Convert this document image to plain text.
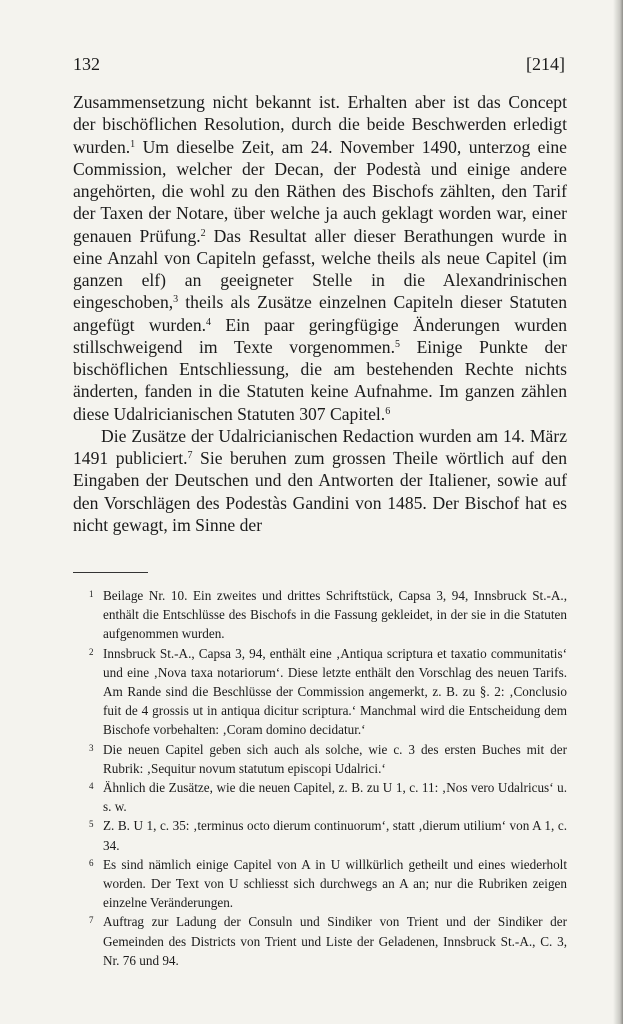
132	[214]

Zusammensetzung nicht bekannt ist. Erhalten aber ist das Concept der bischöflichen Resolution, durch die beide Beschwerden erledigt wurden.$^1$ Um dieselbe Zeit, am 24. November 1490, unterzog eine Commission, welcher der Decan, der Podestà und einige andere angehörten, die wohl zu den Räthen des Bischofs zählten, den Tarif der Taxen der Notare, über welche ja auch geklagt worden war, einer genauen Prüfung.$^2$ Das Resultat aller dieser Berathungen wurde in eine Anzahl von Capiteln gefasst, welche theils als neue Capitel (im ganzen elf) an geeigneter Stelle in die Alexandrinischen eingeschoben,$^3$ theils als Zusätze einzelnen Capiteln dieser Statuten angefügt wurden.$^4$ Ein paar geringfügige Änderungen wurden stillschweigend im Texte vorgenommen.$^5$ Einige Punkte der bischöflichen Entschliessung, die am bestehenden Rechte nichts änderten, fanden in die Statuten keine Aufnahme. Im ganzen zählen diese Udalricianischen Statuten 307 Capitel.$^6$

Die Zusätze der Udalricianischen Redaction wurden am 14. März 1491 publiciert.$^7$ Sie beruhen zum grossen Theile wörtlich auf den Eingaben der Deutschen und den Antworten der Italiener, sowie auf den Vorschlägen des Podestàs Gandini von 1485. Der Bischof hat es nicht gewagt, im Sinne der

1 Beilage Nr. 10. Ein zweites und drittes Schriftstück, Capsa 3, 94, Innsbruck St.-A., enthält die Entschlüsse des Bischofs in die Fassung gekleidet, in der sie in die Statuten aufgenommen wurden.
2 Innsbruck St.-A., Capsa 3, 94, enthält eine ‚Antiqua scriptura et taxatio communitatis‘ und eine ‚Nova taxa notariorum‘. Diese letzte enthält den Vorschlag des neuen Tarifs. Am Rande sind die Beschlüsse der Commission angemerkt, z. B. zu §. 2: ‚Conclusio fuit de 4 grossis ut in antiqua dicitur scriptura.‘ Manchmal wird die Entscheidung dem Bischofe vorbehalten: ‚Coram domino decidatur.‘
3 Die neuen Capitel geben sich auch als solche, wie c. 3 des ersten Buches mit der Rubrik: ‚Sequitur novum statutum episcopi Udalrici.‘
4 Ähnlich die Zusätze, wie die neuen Capitel, z. B. zu U 1, c. 11: ‚Nos vero Udalricus‘ u. s. w.
5 Z. B. U 1, c. 35: ‚terminus octo dierum continuorum‘, statt ‚dierum utilium‘ von A 1, c. 34.
6 Es sind nämlich einige Capitel von A in U willkürlich getheilt und eines wiederholt worden. Der Text von U schliesst sich durchwegs an A an; nur die Rubriken zeigen einzelne Veränderungen.
7 Auftrag zur Ladung der Consuln und Sindiker von Trient und der Sindiker der Gemeinden des Districts von Trient und Liste der Geladenen, Innsbruck St.-A., C. 3, Nr. 76 und 94.
